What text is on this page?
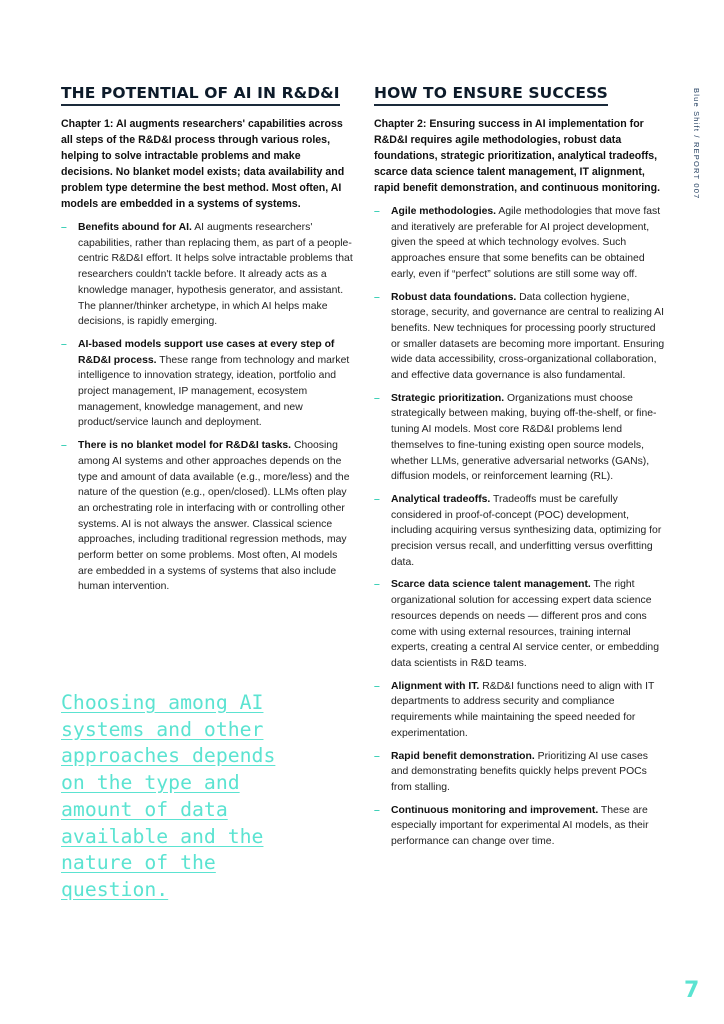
THE POTENTIAL OF AI IN R&D&I

Chapter 1: AI augments researchers' capabilities across all steps of the R&D&I process through various roles, helping to solve intractable problems and make decisions. No blanket model exists; data availability and problem type determine the best method. Most often, AI models are embedded in a systems of systems.

– Benefits abound for AI. AI augments researchers' capabilities, rather than replacing them, as part of a people-centric R&D&I effort. It helps solve intractable problems that researchers couldn't tackle before. It already acts as a knowledge manager, hypothesis generator, and assistant. The planner/thinker archetype, in which AI helps make decisions, is rapidly emerging.
– AI-based models support use cases at every step of R&D&I process. These range from technology and market intelligence to innovation strategy, ideation, portfolio and project management, IP management, ecosystem management, knowledge management, and new product/service launch and deployment.
– There is no blanket model for R&D&I tasks. Choosing among AI systems and other approaches depends on the type and amount of data available (e.g., more/less) and the nature of the question (e.g., open/closed). LLMs often play an orchestrating role in interfacing with or controlling other systems. AI is not always the answer. Classical science approaches, including traditional regression methods, may perform better on some problems. Most often, AI models are embedded in a systems of systems that also include human intervention.

Choosing among AI systems and other approaches depends on the type and amount of data available and the nature of the question.

HOW TO ENSURE SUCCESS

Chapter 2: Ensuring success in AI implementation for R&D&I requires agile methodologies, robust data foundations, strategic prioritization, analytical tradeoffs, scarce data science talent management, IT alignment, rapid benefit demonstration, and continuous monitoring.

– Agile methodologies. Agile methodologies that move fast and iteratively are preferable for AI project development, given the speed at which technology evolves. Such approaches ensure that some benefits can be obtained early, even if “perfect” solutions are still some way off.
– Robust data foundations. Data collection hygiene, storage, security, and governance are central to realizing AI benefits. New techniques for processing poorly structured or smaller datasets are becoming more important. Ensuring wide data accessibility, cross-organizational collaboration, and effective data governance is also fundamental.
– Strategic prioritization. Organizations must choose strategically between making, buying off-the-shelf, or fine-tuning AI models. Most core R&D&I problems lend themselves to fine-tuning existing open source models, whether LLMs, generative adversarial networks (GANs), diffusion models, or reinforcement learning (RL).
– Analytical tradeoffs. Tradeoffs must be carefully considered in proof-of-concept (POC) development, including acquiring versus synthesizing data, optimizing for precision versus recall, and underfitting versus overfitting data.
– Scarce data science talent management. The right organizational solution for accessing expert data science resources depends on needs — different pros and cons come with using external resources, training internal experts, creating a central AI service center, or embedding data scientists in R&D teams.
– Alignment with IT. R&D&I functions need to align with IT departments to address security and compliance requirements while maintaining the speed needed for experimentation.
– Rapid benefit demonstration. Prioritizing AI use cases and demonstrating benefits quickly helps prevent POCs from stalling.
– Continuous monitoring and improvement. These are especially important for experimental AI models, as their performance can change over time.
Blue Shift / REPORT 007
7
